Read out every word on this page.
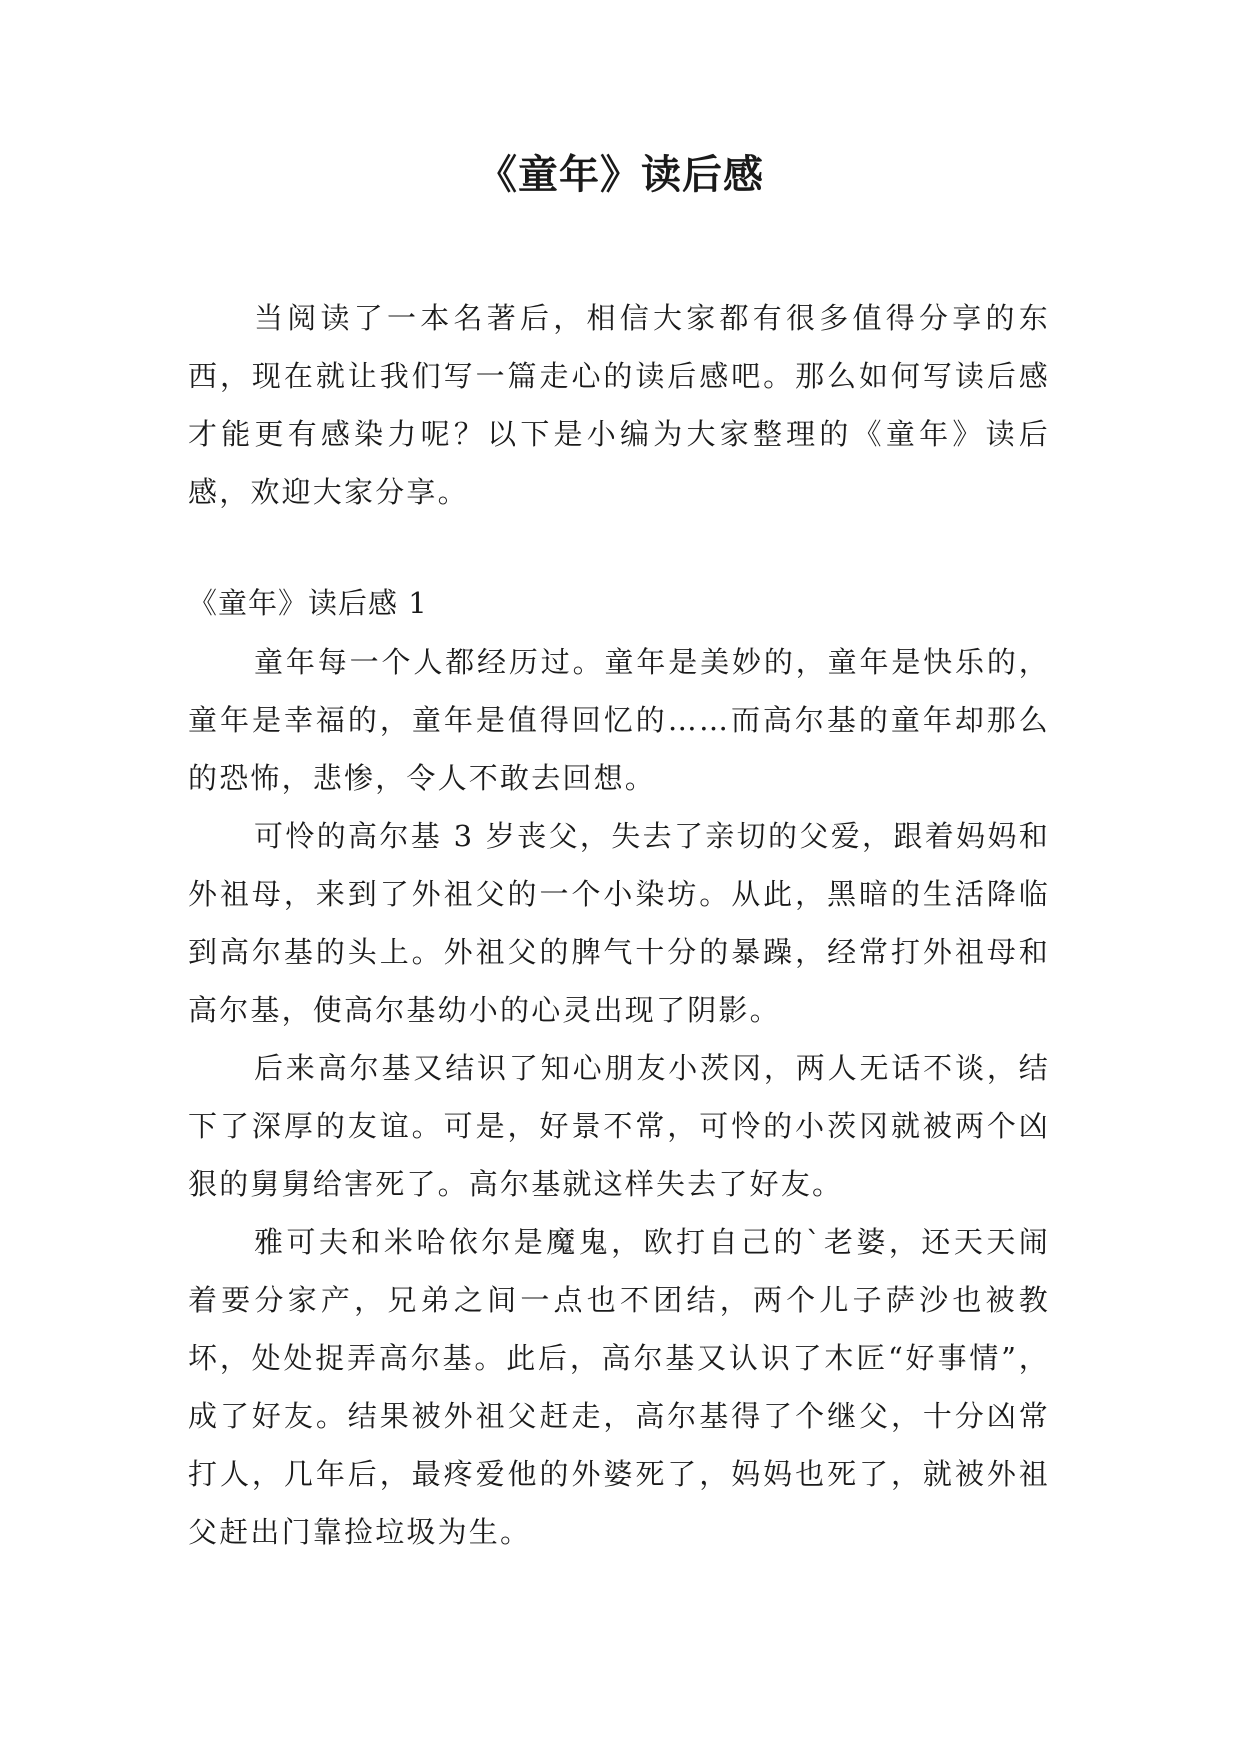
《童年》读后感

当阅读了一本名著后，相信大家都有很多值得分享的东西，现在就让我们写一篇走心的读后感吧。那么如何写读后感才能更有感染力呢？以下是小编为大家整理的《童年》读后感，欢迎大家分享。

《童年》读后感 1

童年每一个人都经历过。童年是美妙的，童年是快乐的，童年是幸福的，童年是值得回忆的……而高尔基的童年却那么的恐怖，悲惨，令人不敢去回想。

可怜的高尔基 3 岁丧父，失去了亲切的父爱，跟着妈妈和外祖母，来到了外祖父的一个小染坊。从此，黑暗的生活降临到高尔基的头上。外祖父的脾气十分的暴躁，经常打外祖母和高尔基，使高尔基幼小的心灵出现了阴影。

后来高尔基又结识了知心朋友小茨冈，两人无话不谈，结下了深厚的友谊。可是，好景不常，可怜的小茨冈就被两个凶狠的舅舅给害死了。高尔基就这样失去了好友。

雅可夫和米哈依尔是魔鬼，欧打自己的`老婆，还天天闹着要分家产，兄弟之间一点也不团结，两个儿子萨沙也被教坏，处处捉弄高尔基。此后，高尔基又认识了木匠“好事情”，成了好友。结果被外祖父赶走，高尔基得了个继父，十分凶常打人，几年后，最疼爱他的外婆死了，妈妈也死了，就被外祖父赶出门靠捡垃圾为生。
